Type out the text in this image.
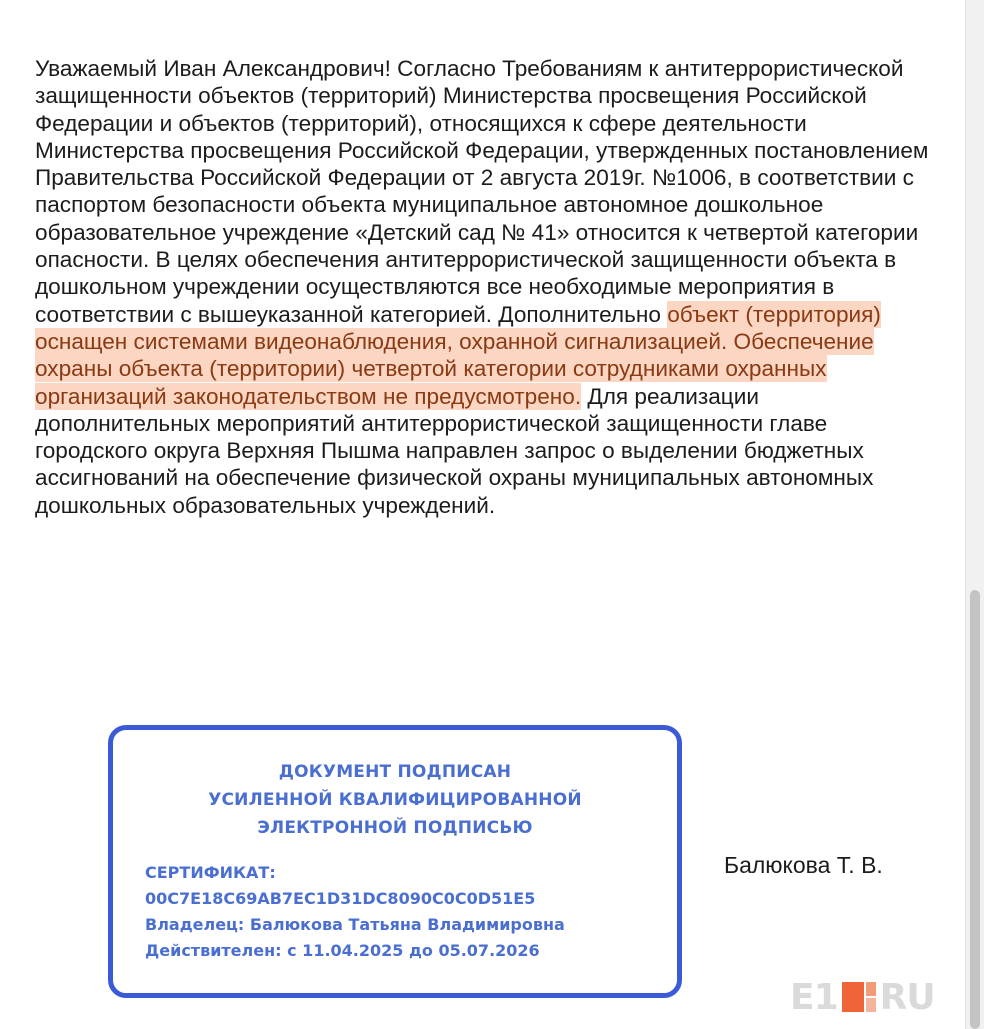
Уважаемый Иван Александрович! Согласно Требованиям к антитеррористической защищенности объектов (территорий) Министерства просвещения Российской Федерации и объектов (территорий), относящихся к сфере деятельности Министерства просвещения Российской Федерации, утвержденных постановлением Правительства Российской Федерации от 2 августа 2019г. №1006, в соответствии с паспортом безопасности объекта муниципальное автономное дошкольное образовательное учреждение «Детский сад № 41» относится к четвертой категории опасности. В целях обеспечения антитеррористической защищенности объекта в дошкольном учреждении осуществляются все необходимые мероприятия в соответствии с вышеуказанной категорией. Дополнительно объект (территория) оснащен системами видеонаблюдения, охранной сигнализацией. Обеспечение охраны объекта (территории) четвертой категории сотрудниками охранных организаций законодательством не предусмотрено. Для реализации дополнительных мероприятий антитеррористической защищенности главе городского округа Верхняя Пышма направлен запрос о выделении бюджетных ассигнований на обеспечение физической охраны муниципальных автономных дошкольных образовательных учреждений.

ДОКУМЕНТ ПОДПИСАН
УСИЛЕННОЙ КВАЛИФИЦИРОВАННОЙ
ЭЛЕКТРОННОЙ ПОДПИСЬЮ
СЕРТИФИКАТ:
00C7E18C69AB7EC1D31DC8090C0C0D51E5
Владелец: Балюкова Татьяна Владимировна
Действителен: с 11.04.2025 до 05.07.2026
Балюкова Т. В.
E1 RU
